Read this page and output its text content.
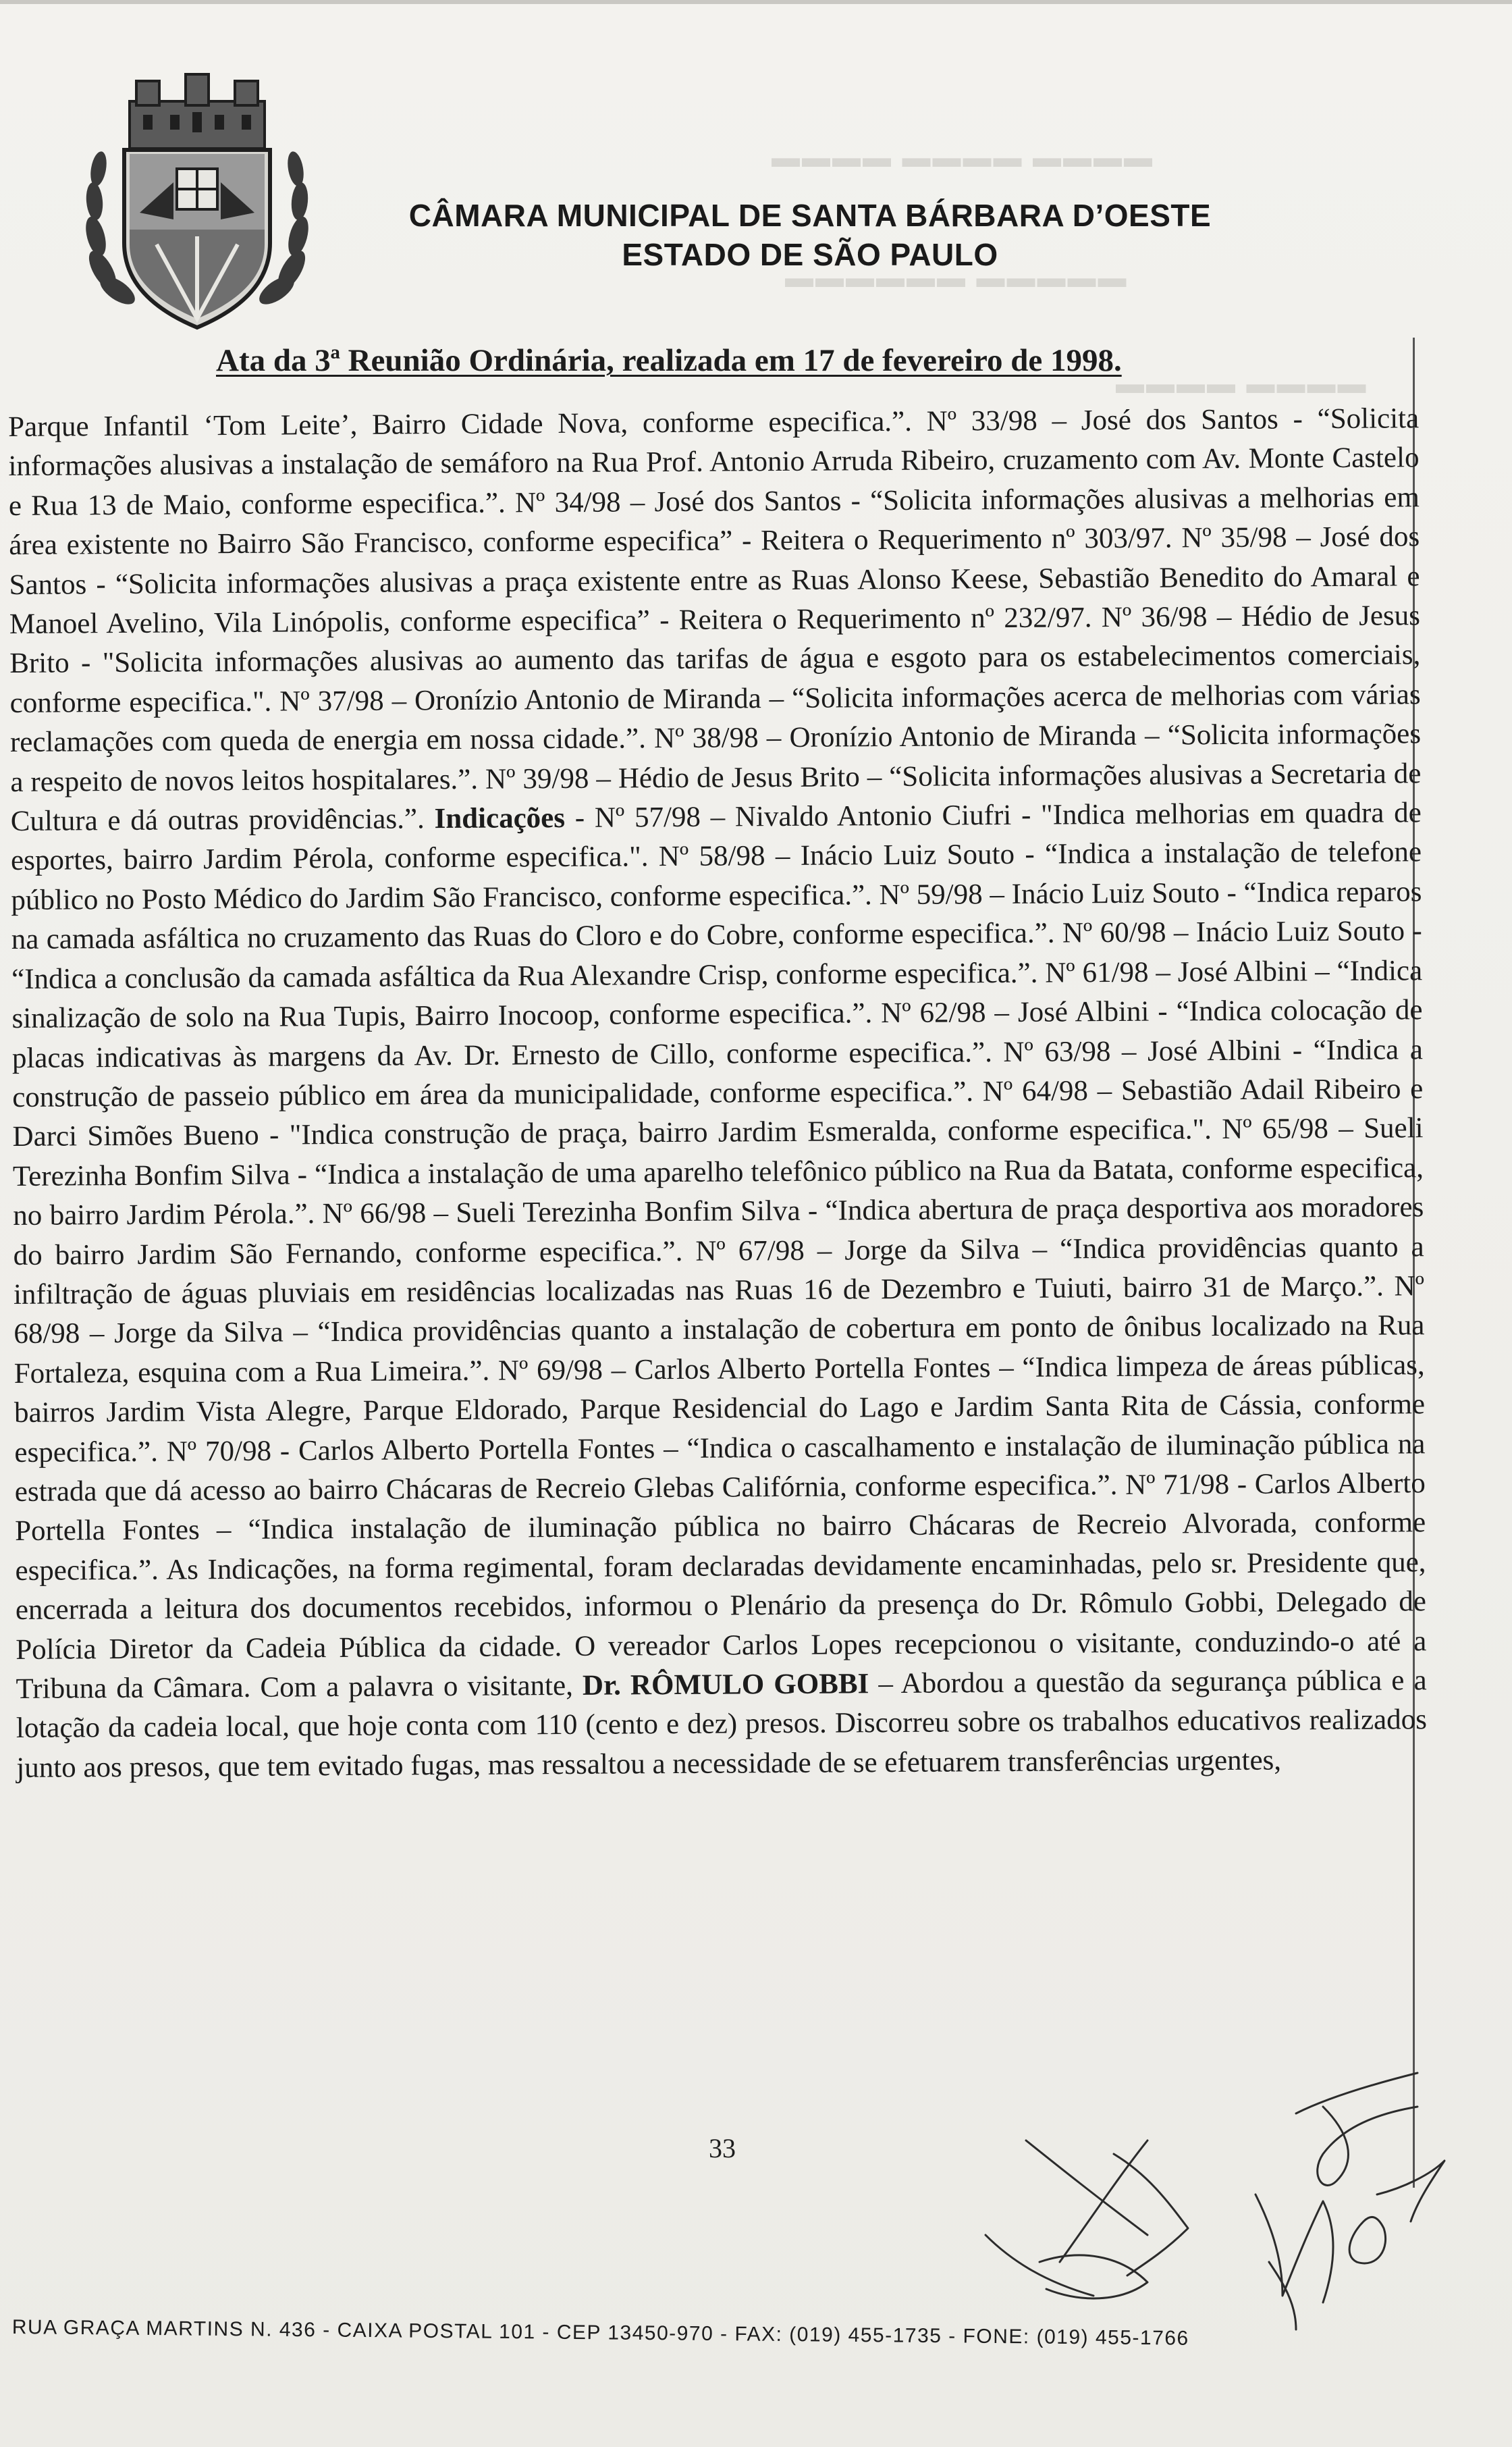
▬▬▬▬ ▬▬▬▬ ▬▬▬▬
▬▬▬▬▬ ▬▬▬▬▬▬
▬▬▬▬ ▬▬▬▬
CÂMARA MUNICIPAL DE SANTA BÁRBARA D’OESTE
ESTADO DE SÃO PAULO
Ata da 3ª Reunião Ordinária, realizada em 17 de fevereiro de 1998.
Parque Infantil ‘Tom Leite’, Bairro Cidade Nova, conforme especifica.”. Nº 33/98 – José dos Santos - “Solicita informações alusivas a instalação de semáforo na Rua Prof. Antonio Arruda Ribeiro, cruzamento com Av. Monte Castelo e Rua 13 de Maio, conforme especifica.”. Nº 34/98 – José dos Santos - “Solicita informações alusivas a melhorias em área existente no Bairro São Francisco, conforme especifica” - Reitera o Requerimento nº 303/97. Nº 35/98 – José dos Santos - “Solicita informações alusivas a praça existente entre as Ruas Alonso Keese, Sebastião Benedito do Amaral e Manoel Avelino, Vila Linópolis, conforme especifica” - Reitera o Requerimento nº 232/97. Nº 36/98 – Hédio de Jesus Brito - "Solicita informações alusivas ao aumento das tarifas de água e esgoto para os estabelecimentos comerciais, conforme especifica.". Nº 37/98 – Oronízio Antonio de Miranda – “Solicita informações acerca de melhorias com várias reclamações com queda de energia em nossa cidade.”. Nº 38/98 – Oronízio Antonio de Miranda – “Solicita informações a respeito de novos leitos hospitalares.”. Nº 39/98 – Hédio de Jesus Brito – “Solicita informações alusivas a Secretaria de Cultura e dá outras providências.”. Indicações - Nº 57/98 – Nivaldo Antonio Ciufri - "Indica melhorias em quadra de esportes, bairro Jardim Pérola, conforme especifica.". Nº 58/98 – Inácio Luiz Souto - “Indica a instalação de telefone público no Posto Médico do Jardim São Francisco, conforme especifica.”. Nº 59/98 – Inácio Luiz Souto - “Indica reparos na camada asfáltica no cruzamento das Ruas do Cloro e do Cobre, conforme especifica.”. Nº 60/98 – Inácio Luiz Souto - “Indica a conclusão da camada asfáltica da Rua Alexandre Crisp, conforme especifica.”. Nº 61/98 – José Albini – “Indica sinalização de solo na Rua Tupis, Bairro Inocoop, conforme especifica.”. Nº 62/98 – José Albini - “Indica colocação de placas indicativas às margens da Av. Dr. Ernesto de Cillo, conforme especifica.”. Nº 63/98 – José Albini - “Indica a construção de passeio público em área da municipalidade, conforme especifica.”. Nº 64/98 – Sebastião Adail Ribeiro e Darci Simões Bueno - "Indica construção de praça, bairro Jardim Esmeralda, conforme especifica.". Nº 65/98 – Sueli Terezinha Bonfim Silva - “Indica a instalação de uma aparelho telefônico público na Rua da Batata, conforme especifica, no bairro Jardim Pérola.”. Nº 66/98 – Sueli Terezinha Bonfim Silva - “Indica abertura de praça desportiva aos moradores do bairro Jardim São Fernando, conforme especifica.”. Nº 67/98 – Jorge da Silva – “Indica providências quanto a infiltração de águas pluviais em residências localizadas nas Ruas 16 de Dezembro e Tuiuti, bairro 31 de Março.”. Nº 68/98 – Jorge da Silva – “Indica providências quanto a instalação de cobertura em ponto de ônibus localizado na Rua Fortaleza, esquina com a Rua Limeira.”. Nº 69/98 – Carlos Alberto Portella Fontes – “Indica limpeza de áreas públicas, bairros Jardim Vista Alegre, Parque Eldorado, Parque Residencial do Lago e Jardim Santa Rita de Cássia, conforme especifica.”. Nº 70/98 - Carlos Alberto Portella Fontes – “Indica o cascalhamento e instalação de iluminação pública na estrada que dá acesso ao bairro Chácaras de Recreio Glebas Califórnia, conforme especifica.”. Nº 71/98 - Carlos Alberto Portella Fontes – “Indica instalação de iluminação pública no bairro Chácaras de Recreio Alvorada, conforme especifica.”. As Indicações, na forma regimental, foram declaradas devidamente encaminhadas, pelo sr. Presidente que, encerrada a leitura dos documentos recebidos, informou o Plenário da presença do Dr. Rômulo Gobbi, Delegado de Polícia Diretor da Cadeia Pública da cidade. O vereador Carlos Lopes recepcionou o visitante, conduzindo-o até a Tribuna da Câmara. Com a palavra o visitante, Dr. RÔMULO GOBBI – Abordou a questão da segurança pública e a lotação da cadeia local, que hoje conta com 110 (cento e dez) presos. Discorreu sobre os trabalhos educativos realizados junto aos presos, que tem evitado fugas, mas ressaltou a necessidade de se efetuarem transferências urgentes,
33
RUA GRAÇA MARTINS N. 436 - CAIXA POSTAL 101 - CEP 13450-970 - FAX: (019) 455-1735 - FONE: (019) 455-1766
